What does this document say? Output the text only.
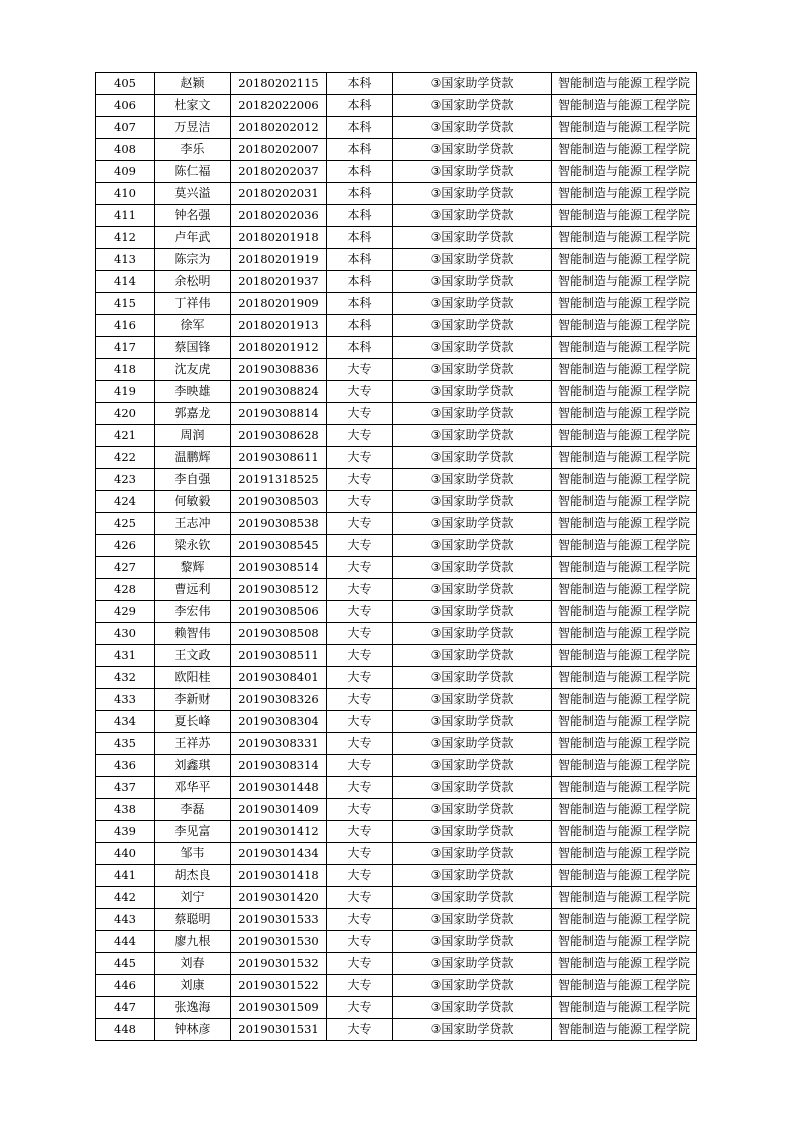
405	赵颖	20180202115	本科	③国家助学贷款	智能制造与能源工程学院
406	杜家文	20182022006	本科	③国家助学贷款	智能制造与能源工程学院
407	万昱洁	20180202012	本科	③国家助学贷款	智能制造与能源工程学院
408	李乐	20180202007	本科	③国家助学贷款	智能制造与能源工程学院
409	陈仁福	20180202037	本科	③国家助学贷款	智能制造与能源工程学院
410	莫兴溢	20180202031	本科	③国家助学贷款	智能制造与能源工程学院
411	钟名强	20180202036	本科	③国家助学贷款	智能制造与能源工程学院
412	卢年武	20180201918	本科	③国家助学贷款	智能制造与能源工程学院
413	陈宗为	20180201919	本科	③国家助学贷款	智能制造与能源工程学院
414	余松明	20180201937	本科	③国家助学贷款	智能制造与能源工程学院
415	丁祥伟	20180201909	本科	③国家助学贷款	智能制造与能源工程学院
416	徐军	20180201913	本科	③国家助学贷款	智能制造与能源工程学院
417	蔡国锋	20180201912	本科	③国家助学贷款	智能制造与能源工程学院
418	沈友虎	20190308836	大专	③国家助学贷款	智能制造与能源工程学院
419	李映雄	20190308824	大专	③国家助学贷款	智能制造与能源工程学院
420	郭嘉龙	20190308814	大专	③国家助学贷款	智能制造与能源工程学院
421	周润	20190308628	大专	③国家助学贷款	智能制造与能源工程学院
422	温鹏辉	20190308611	大专	③国家助学贷款	智能制造与能源工程学院
423	李自强	20191318525	大专	③国家助学贷款	智能制造与能源工程学院
424	何敏毅	20190308503	大专	③国家助学贷款	智能制造与能源工程学院
425	王志冲	20190308538	大专	③国家助学贷款	智能制造与能源工程学院
426	梁永钦	20190308545	大专	③国家助学贷款	智能制造与能源工程学院
427	黎辉	20190308514	大专	③国家助学贷款	智能制造与能源工程学院
428	曹远利	20190308512	大专	③国家助学贷款	智能制造与能源工程学院
429	李宏伟	20190308506	大专	③国家助学贷款	智能制造与能源工程学院
430	赖智伟	20190308508	大专	③国家助学贷款	智能制造与能源工程学院
431	王文政	20190308511	大专	③国家助学贷款	智能制造与能源工程学院
432	欧阳桂	20190308401	大专	③国家助学贷款	智能制造与能源工程学院
433	李新财	20190308326	大专	③国家助学贷款	智能制造与能源工程学院
434	夏长峰	20190308304	大专	③国家助学贷款	智能制造与能源工程学院
435	王祥苏	20190308331	大专	③国家助学贷款	智能制造与能源工程学院
436	刘鑫琪	20190308314	大专	③国家助学贷款	智能制造与能源工程学院
437	邓华平	20190301448	大专	③国家助学贷款	智能制造与能源工程学院
438	李磊	20190301409	大专	③国家助学贷款	智能制造与能源工程学院
439	李见富	20190301412	大专	③国家助学贷款	智能制造与能源工程学院
440	邹韦	20190301434	大专	③国家助学贷款	智能制造与能源工程学院
441	胡杰良	20190301418	大专	③国家助学贷款	智能制造与能源工程学院
442	刘宁	20190301420	大专	③国家助学贷款	智能制造与能源工程学院
443	蔡聪明	20190301533	大专	③国家助学贷款	智能制造与能源工程学院
444	廖九根	20190301530	大专	③国家助学贷款	智能制造与能源工程学院
445	刘春	20190301532	大专	③国家助学贷款	智能制造与能源工程学院
446	刘康	20190301522	大专	③国家助学贷款	智能制造与能源工程学院
447	张逸海	20190301509	大专	③国家助学贷款	智能制造与能源工程学院
448	钟林彦	20190301531	大专	③国家助学贷款	智能制造与能源工程学院
